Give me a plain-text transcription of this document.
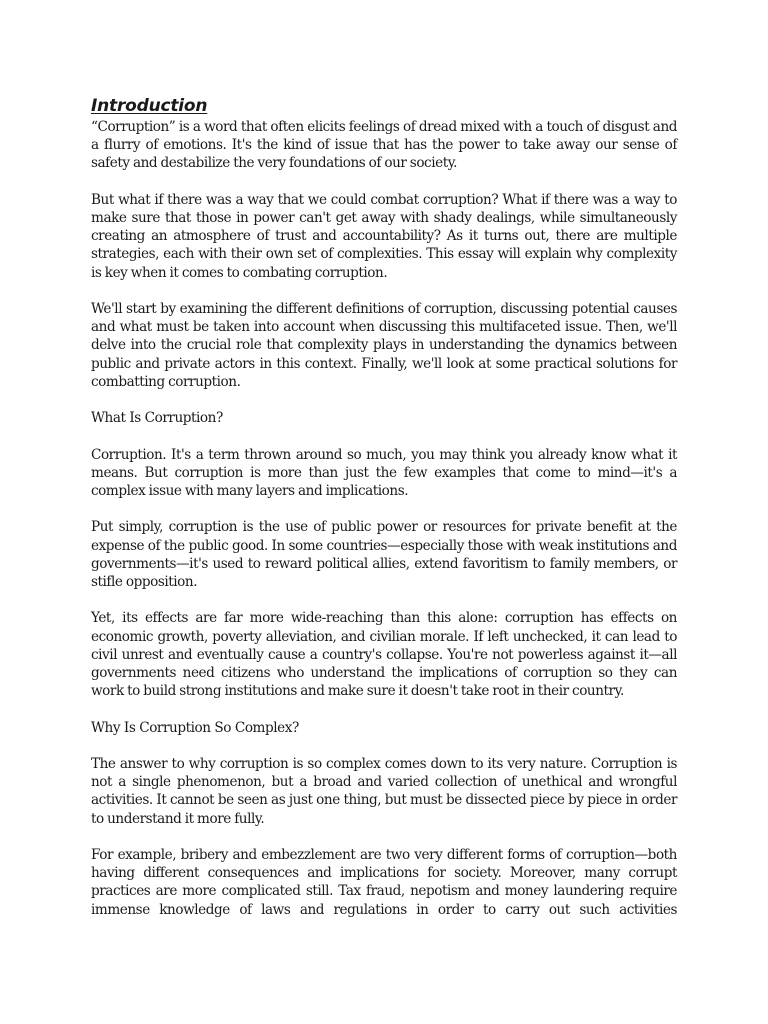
Introduction

“Corruption” is a word that often elicits feelings of dread mixed with a touch of disgust and a flurry of emotions. It's the kind of issue that has the power to take away our sense of safety and destabilize the very foundations of our society.

But what if there was a way that we could combat corruption? What if there was a way to make sure that those in power can't get away with shady dealings, while simultaneously creating an atmosphere of trust and accountability? As it turns out, there are multiple strategies, each with their own set of complexities. This essay will explain why complexity is key when it comes to combating corruption.

We'll start by examining the different definitions of corruption, discussing potential causes and what must be taken into account when discussing this multifaceted issue. Then, we'll delve into the crucial role that complexity plays in understanding the dynamics between public and private actors in this context. Finally, we'll look at some practical solutions for combatting corruption.

What Is Corruption?

Corruption. It's a term thrown around so much, you may think you already know what it means. But corruption is more than just the few examples that come to mind—it's a complex issue with many layers and implications.

Put simply, corruption is the use of public power or resources for private benefit at the expense of the public good. In some countries—especially those with weak institutions and governments—it's used to reward political allies, extend favoritism to family members, or stifle opposition.

Yet, its effects are far more wide-reaching than this alone: corruption has effects on economic growth, poverty alleviation, and civilian morale. If left unchecked, it can lead to civil unrest and eventually cause a country's collapse. You're not powerless against it—all governments need citizens who understand the implications of corruption so they can work to build strong institutions and make sure it doesn't take root in their country.

Why Is Corruption So Complex?

The answer to why corruption is so complex comes down to its very nature. Corruption is not a single phenomenon, but a broad and varied collection of unethical and wrongful activities. It cannot be seen as just one thing, but must be dissected piece by piece in order to understand it more fully.

For example, bribery and embezzlement are two very different forms of corruption—both having different consequences and implications for society. Moreover, many corrupt practices are more complicated still. Tax fraud, nepotism and money laundering require immense knowledge of laws and regulations in order to carry out such activities
